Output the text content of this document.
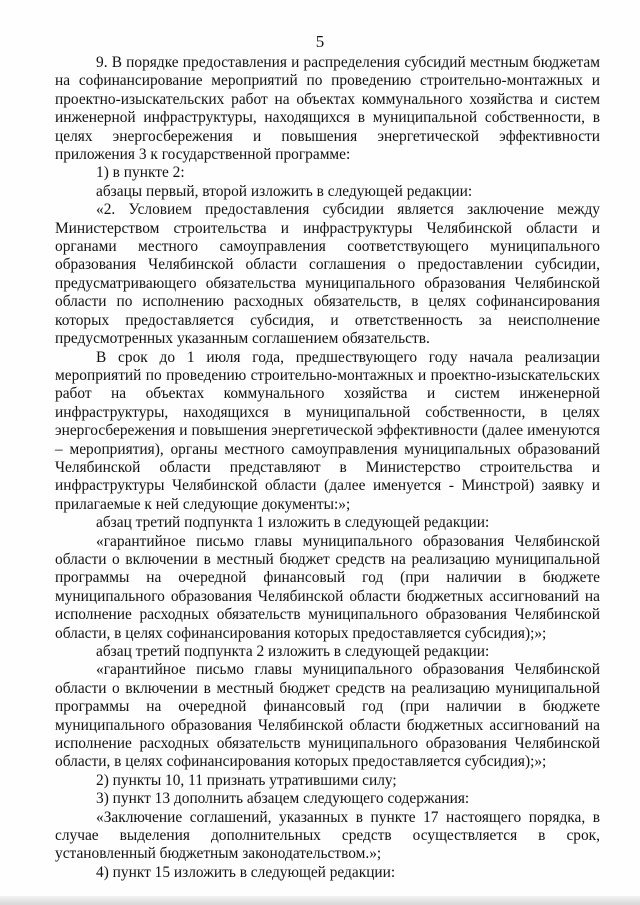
5

9. В порядке предоставления и распределения субсидий местным бюджетам на софинансирование мероприятий по проведению строительно-монтажных и проектно-изыскательских работ на объектах коммунального хозяйства и систем инженерной инфраструктуры, находящихся в муниципальной собственности, в целях энергосбережения и повышения энергетической эффективности приложения 3 к государственной программе:

1) в пункте 2:

абзацы первый, второй изложить в следующей редакции:

«2. Условием предоставления субсидии является заключение между Министерством строительства и инфраструктуры Челябинской области и органами местного самоуправления соответствующего муниципального образования Челябинской области соглашения о предоставлении субсидии, предусматривающего обязательства муниципального образования Челябинской области по исполнению расходных обязательств, в целях софинансирования которых предоставляется субсидия, и ответственность за неисполнение предусмотренных указанным соглашением обязательств.

В срок до 1 июля года, предшествующего году начала реализации мероприятий по проведению строительно-монтажных и проектно-изыскательских работ на объектах коммунального хозяйства и систем инженерной инфраструктуры, находящихся в муниципальной собственности, в целях энергосбережения и повышения энергетической эффективности (далее именуются – мероприятия), органы местного самоуправления муниципальных образований Челябинской области представляют в Министерство строительства и инфраструктуры Челябинской области (далее именуется - Минстрой) заявку и прилагаемые к ней следующие документы:»;

абзац третий подпункта 1 изложить в следующей редакции:

«гарантийное письмо главы муниципального образования Челябинской области о включении в местный бюджет средств на реализацию муниципальной программы на очередной финансовый год (при наличии в бюджете муниципального образования Челябинской области бюджетных ассигнований на исполнение расходных обязательств муниципального образования Челябинской области, в целях софинансирования которых предоставляется субсидия);»;

абзац третий подпункта 2 изложить в следующей редакции:

«гарантийное письмо главы муниципального образования Челябинской области о включении в местный бюджет средств на реализацию муниципальной программы на очередной финансовый год (при наличии в бюджете муниципального образования Челябинской области бюджетных ассигнований на исполнение расходных обязательств муниципального образования Челябинской области, в целях софинансирования которых предоставляется субсидия);»;

2) пункты 10, 11 признать утратившими силу;

3) пункт 13 дополнить абзацем следующего содержания:

«Заключение соглашений, указанных в пункте 17 настоящего порядка, в случае выделения дополнительных средств осуществляется в срок, установленный бюджетным законодательством.»;

4) пункт 15 изложить в следующей редакции:
